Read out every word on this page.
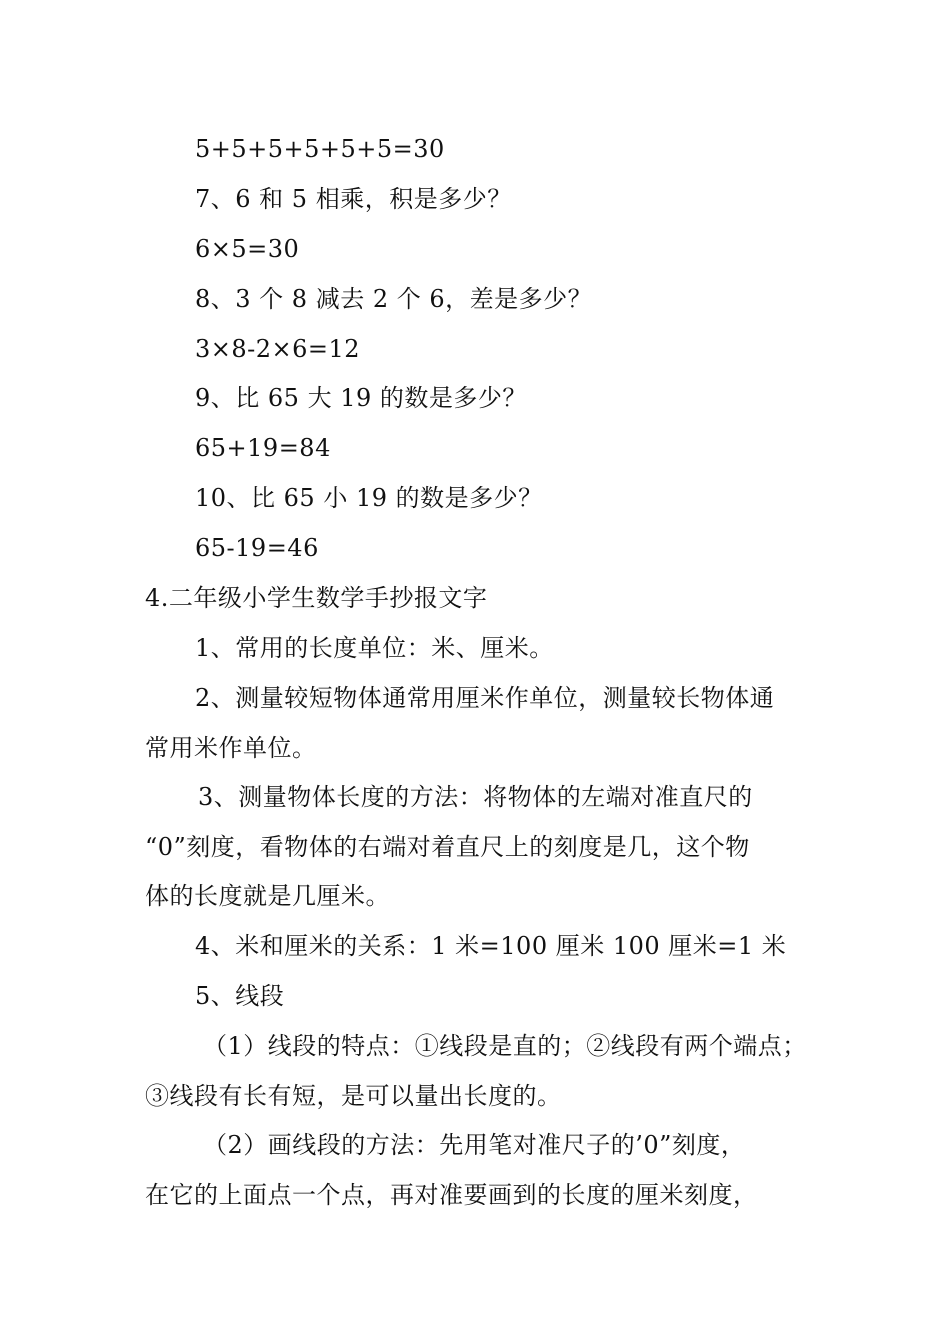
5+5+5+5+5+5=30
7、6 和 5 相乘，积是多少？
6×5=30
8、3 个 8 减去 2 个 6，差是多少？
3×8-2×6=12
9、比 65 大 19 的数是多少？
65+19=84
10、比 65 小 19 的数是多少？
65-19=46
4.二年级小学生数学手抄报文字
1、常用的长度单位：米、厘米。
2、测量较短物体通常用厘米作单位，测量较长物体通
常用米作单位。
3、测量物体长度的方法：将物体的左端对准直尺的
“0”刻度，看物体的右端对着直尺上的刻度是几，这个物
体的长度就是几厘米。
4、米和厘米的关系：1 米=100 厘米 100 厘米=1 米
5、线段
（1）线段的特点：①线段是直的；②线段有两个端点；
③线段有长有短，是可以量出长度的。
（2）画线段的方法：先用笔对准尺子的’0”刻度，
在它的上面点一个点，再对准要画到的长度的厘米刻度，
